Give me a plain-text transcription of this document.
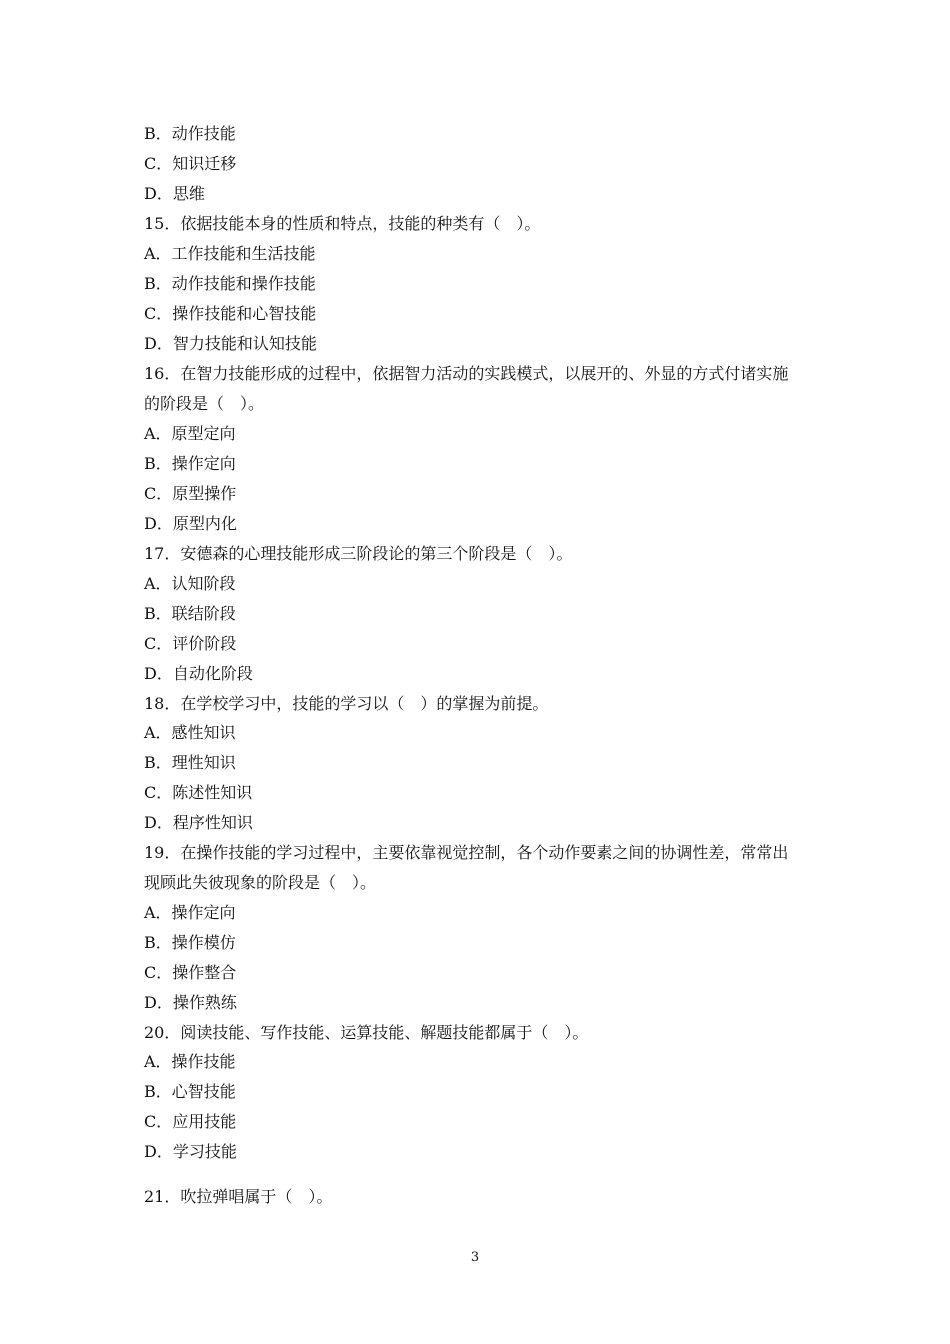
B．动作技能
C．知识迁移
D．思维
15．依据技能本身的性质和特点，技能的种类有（　）。
A．工作技能和生活技能
B．动作技能和操作技能
C．操作技能和心智技能
D．智力技能和认知技能
16．在智力技能形成的过程中，依据智力活动的实践模式，以展开的、外显的方式付诸实施
的阶段是（　）。
A．原型定向
B．操作定向
C．原型操作
D．原型内化
17．安德森的心理技能形成三阶段论的第三个阶段是（　）。
A．认知阶段
B．联结阶段
C．评价阶段
D．自动化阶段
18．在学校学习中，技能的学习以（　）的掌握为前提。
A．感性知识
B．理性知识
C．陈述性知识
D．程序性知识
19．在操作技能的学习过程中，主要依靠视觉控制，各个动作要素之间的协调性差，常常出
现顾此失彼现象的阶段是（　）。
A．操作定向
B．操作模仿
C．操作整合
D．操作熟练
20．阅读技能、写作技能、运算技能、解题技能都属于（　）。
A．操作技能
B．心智技能
C．应用技能
D．学习技能
21．吹拉弹唱属于（　）。
3
